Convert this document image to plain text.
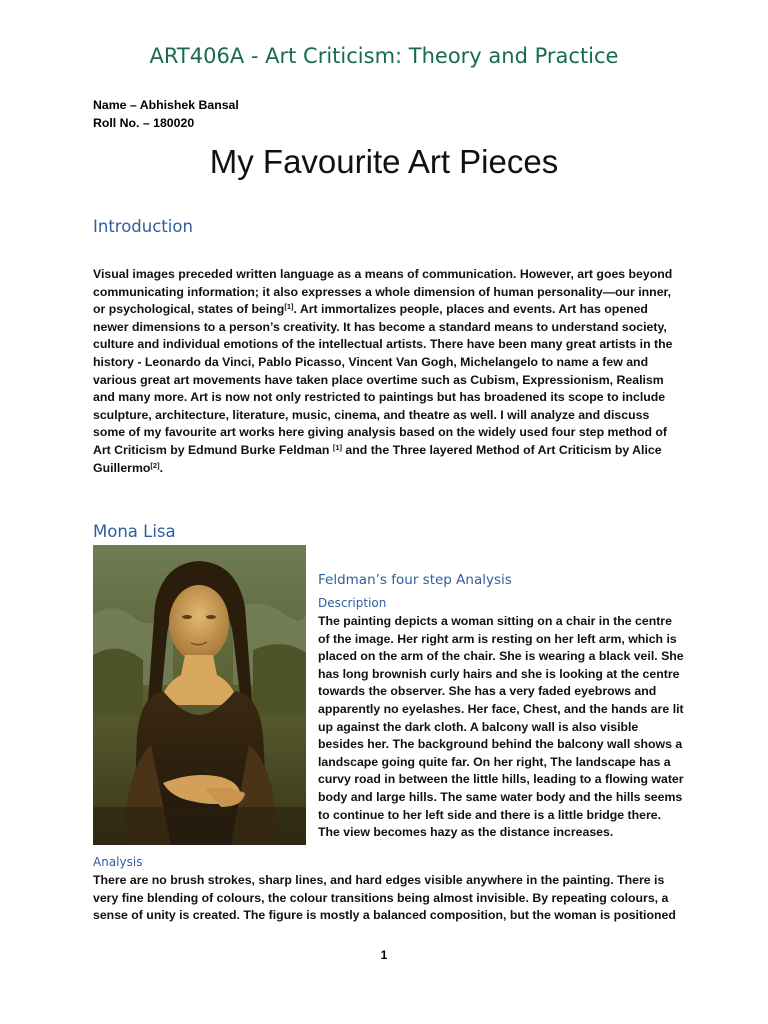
ART406A - Art Criticism: Theory and Practice
Name – Abhishek Bansal
Roll No. – 180020
My Favourite Art Pieces
Introduction
Visual images preceded written language as a means of communication. However, art goes beyond communicating information; it also expresses a whole dimension of human personality—our inner, or psychological, states of being[1]. Art immortalizes people, places and events. Art has opened newer dimensions to a person’s creativity. It has become a standard means to understand society, culture and individual emotions of the intellectual artists. There have been many great artists in the history - Leonardo da Vinci, Pablo Picasso, Vincent Van Gogh, Michelangelo to name a few and various great art movements have taken place overtime such as Cubism, Expressionism, Realism and many more. Art is now not only restricted to paintings but has broadened its scope to include sculpture, architecture, literature, music, cinema, and theatre as well. I will analyze and discuss some of my favourite art works here giving analysis based on the widely used four step method of Art Criticism by Edmund Burke Feldman [1] and the Three layered Method of Art Criticism by Alice Guillermo[2].
Mona Lisa
Feldman’s four step Analysis
Description
The painting depicts a woman sitting on a chair in the centre of the image. Her right arm is resting on her left arm, which is placed on the arm of the chair. She is wearing a black veil. She has long brownish curly hairs and she is looking at the centre towards the observer. She has a very faded eyebrows and apparently no eyelashes. Her face, Chest, and the hands are lit up against the dark cloth. A balcony wall is also visible besides her. The background behind the balcony wall shows a landscape going quite far. On her right, The landscape has a curvy road in between the little hills, leading to a flowing water body and large hills. The same water body and the hills seems to continue to her left side and there is a little bridge there. The view becomes hazy as the distance increases.
Analysis
There are no brush strokes, sharp lines, and hard edges visible anywhere in the painting. There is very fine blending of colours, the colour transitions being almost invisible. By repeating colours, a sense of unity is created. The figure is mostly a balanced composition, but the woman is positioned
1
